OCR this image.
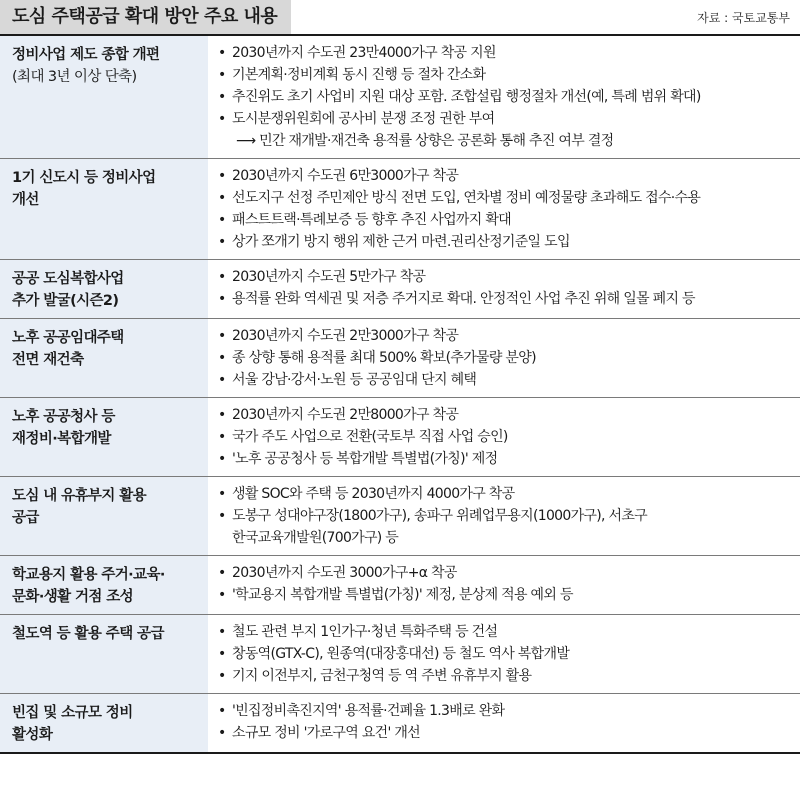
도심 주택공급 확대 방안 주요 내용	자료 : 국토교통부
정비사업 제도 종합 개편
(최대 3년 이상 단축)
• 2030년까지 수도권 23만4000가구 착공 지원
• 기본계획·정비계획 동시 진행 등 절차 간소화
• 추진위도 초기 사업비 지원 대상 포함. 조합설립 행정절차 개선(예, 특례 범위 확대)
• 도시분쟁위원회에 공사비 분쟁 조정 권한 부여
⟶ 민간 재개발·재건축 용적률 상향은 공론화 통해 추진 여부 결정
1기 신도시 등 정비사업
개선
• 2030년까지 수도권 6만3000가구 착공
• 선도지구 선정 주민제안 방식 전면 도입, 연차별 정비 예정물량 초과해도 접수·수용
• 패스트트랙·특례보증 등 향후 추진 사업까지 확대
• 상가 쪼개기 방지 행위 제한 근거 마련.권리산정기준일 도입
공공 도심복합사업
추가 발굴(시즌2)
• 2030년까지 수도권 5만가구 착공
• 용적률 완화 역세권 및 저층 주거지로 확대. 안정적인 사업 추진 위해 일몰 폐지 등
노후 공공임대주택
전면 재건축
• 2030년까지 수도권 2만3000가구 착공
• 종 상향 통해 용적률 최대 500% 확보(추가물량 분양)
• 서울 강남·강서·노원 등 공공임대 단지 혜택
노후 공공청사 등
재정비·복합개발
• 2030년까지 수도권 2만8000가구 착공
• 국가 주도 사업으로 전환(국토부 직접 사업 승인)
• '노후 공공청사 등 복합개발 특별법(가칭)' 제정
도심 내 유휴부지 활용
공급
• 생활 SOC와 주택 등 2030년까지 4000가구 착공
• 도봉구 성대야구장(1800가구), 송파구 위례업무용지(1000가구), 서초구
한국교육개발원(700가구) 등
학교용지 활용 주거·교육·
문화·생활 거점 조성
• 2030년까지 수도권 3000가구+α 착공
• '학교용지 복합개발 특별법(가칭)' 제정, 분상제 적용 예외 등
철도역 등 활용 주택 공급	• 철도 관련 부지 1인가구·청년 특화주택 등 건설
• 창동역(GTX-C), 원종역(대장홍대선) 등 철도 역사 복합개발
• 기지 이전부지, 금천구청역 등 역 주변 유휴부지 활용
빈집 및 소규모 정비
활성화
• '빈집정비촉진지역' 용적률·건폐율 1.3배로 완화
• 소규모 정비 '가로구역 요건' 개선
